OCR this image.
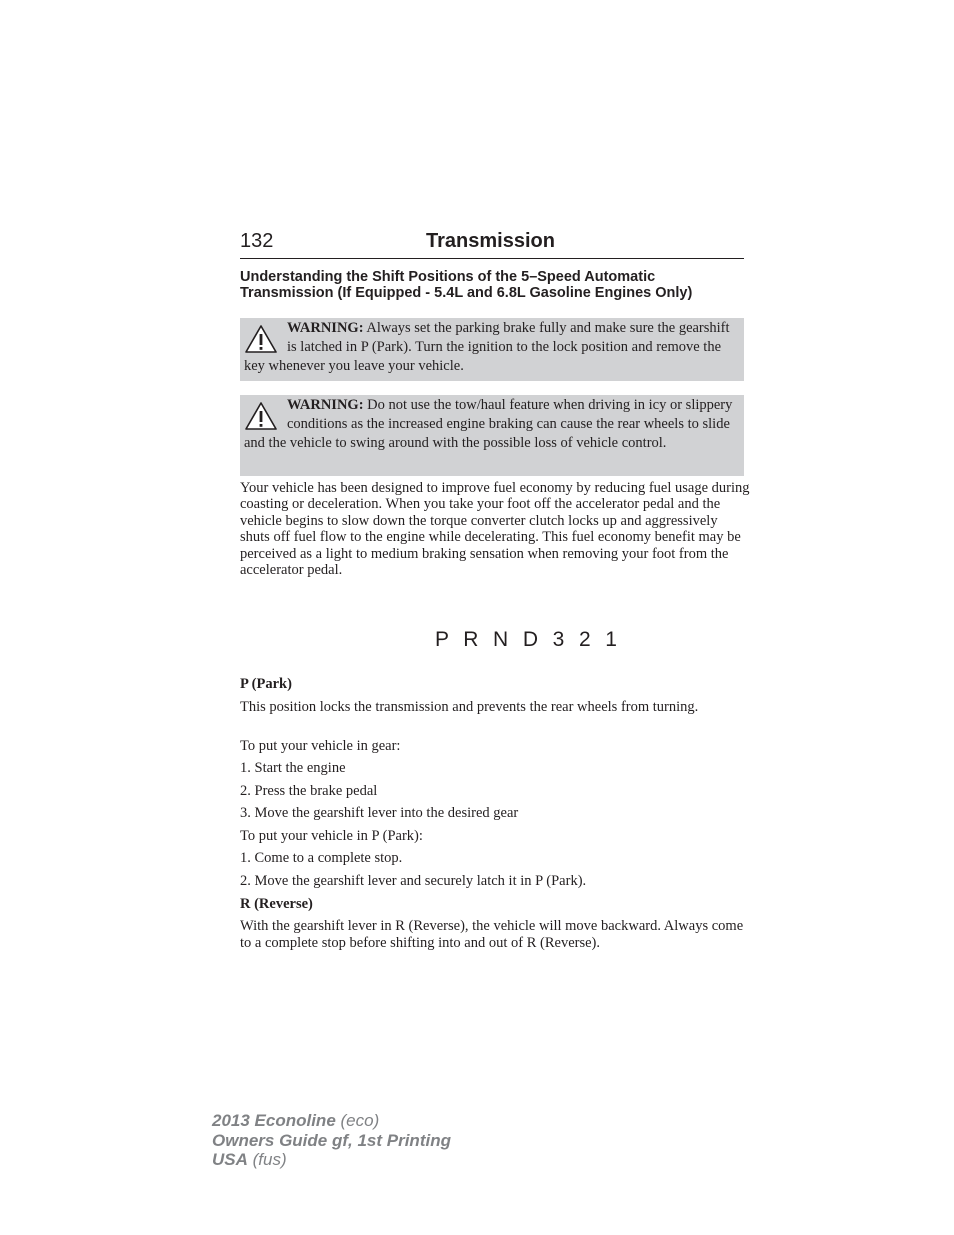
132	Transmission
Understanding the Shift Positions of the 5–Speed Automatic
Transmission (If Equipped - 5.4L and 6.8L Gasoline Engines Only)
WARNING: Always set the parking brake fully and make sure the gearshift is latched in P (Park). Turn the ignition to the lock position and remove the key whenever you leave your vehicle.
WARNING: Do not use the tow/haul feature when driving in icy or slippery conditions as the increased engine braking can cause the rear wheels to slide and the vehicle to swing around with the possible loss of vehicle control.
Your vehicle has been designed to improve fuel economy by reducing fuel usage during coasting or deceleration. When you take your foot off the accelerator pedal and the vehicle begins to slow down the torque converter clutch locks up and aggressively shuts off fuel flow to the engine while decelerating. This fuel economy benefit may be perceived as a light to medium braking sensation when removing your foot from the accelerator pedal.
P R N D 3 2 1
P (Park)
This position locks the transmission and prevents the rear wheels from turning.
To put your vehicle in gear:
1. Start the engine
2. Press the brake pedal
3. Move the gearshift lever into the desired gear
To put your vehicle in P (Park):
1. Come to a complete stop.
2. Move the gearshift lever and securely latch it in P (Park).
R (Reverse)
With the gearshift lever in R (Reverse), the vehicle will move backward. Always come to a complete stop before shifting into and out of R (Reverse).
2013 Econoline (eco)
Owners Guide gf, 1st Printing
USA (fus)
